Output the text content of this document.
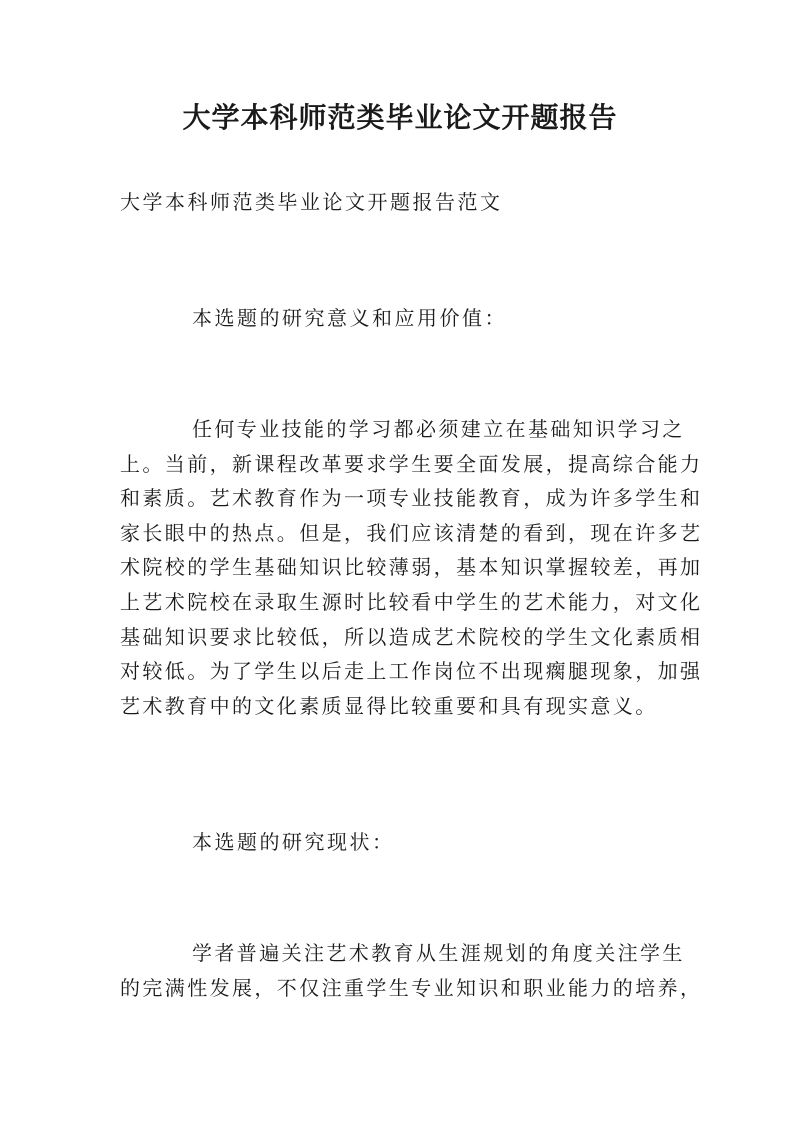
大学本科师范类毕业论文开题报告

大学本科师范类毕业论文开题报告范文

本选题的研究意义和应用价值：

任何专业技能的学习都必须建立在基础知识学习之
上。当前，新课程改革要求学生要全面发展，提高综合能力
和素质。艺术教育作为一项专业技能教育，成为许多学生和
家长眼中的热点。但是，我们应该清楚的看到，现在许多艺
术院校的学生基础知识比较薄弱，基本知识掌握较差，再加
上艺术院校在录取生源时比较看中学生的艺术能力，对文化
基础知识要求比较低，所以造成艺术院校的学生文化素质相
对较低。为了学生以后走上工作岗位不出现瘸腿现象，加强
艺术教育中的文化素质显得比较重要和具有现实意义。

本选题的研究现状：

学者普遍关注艺术教育从生涯规划的角度关注学生
的完满性发展，不仅注重学生专业知识和职业能力的培养，
